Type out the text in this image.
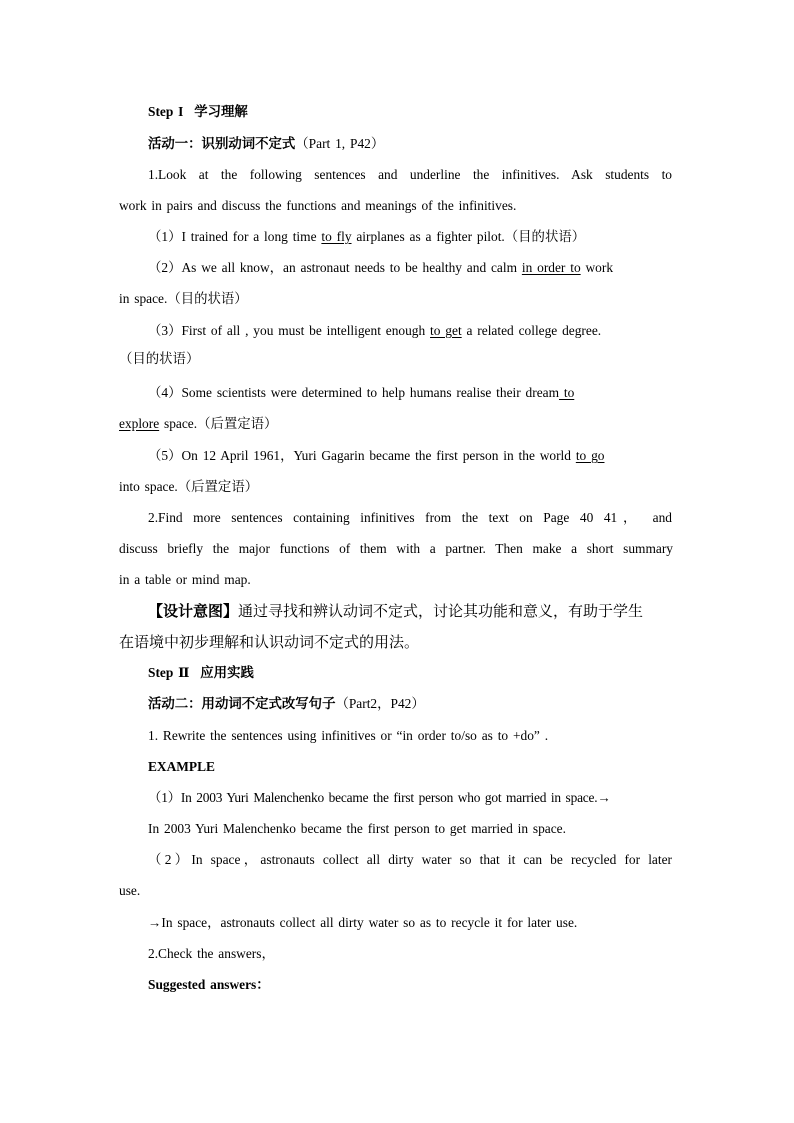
Step I 学习理解
活动一：识别动词不定式（Part 1, P42）
1.Look at the following sentences and underline the infinitives. Ask students to
work in pairs and discuss the functions and meanings of the infinitives.
（1）I trained for a long time to fly airplanes as a fighter pilot.（目的状语）
（2）As we all know，an astronaut needs to be healthy and calm in order to work
in space.（目的状语）
（3）First of all , you must be intelligent enough to get a related college degree.
（目的状语）
（4）Some scientists were determined to help humans realise their dream to
explore space.（后置定语）
（5）On 12 April 1961，Yuri Gagarin became the first person in the world to go
into space.（后置定语）
2.Find more sentences containing infinitives from the text on Page 40 41， and
discuss briefly the major functions of them with a partner. Then make a short summary
in a table or mind map.
【设计意图】通过寻找和辨认动词不定式，讨论其功能和意义，有助于学生
在语境中初步理解和认识动词不定式的用法。
Step Ⅱ 应用实践
活动二：用动词不定式改写句子（Part2，P42）
1. Rewrite the sentences using infinitives or “in order to/so as to +do” .
EXAMPLE
（1）In 2003 Yuri Malenchenko became the first person who got married in space.→
In 2003 Yuri Malenchenko became the first person to get married in space.
（2）In space，astronauts collect all dirty water so that it can be recycled for later
use.
→In space，astronauts collect all dirty water so as to recycle it for later use.
2.Check the answers，
Suggested answers：
